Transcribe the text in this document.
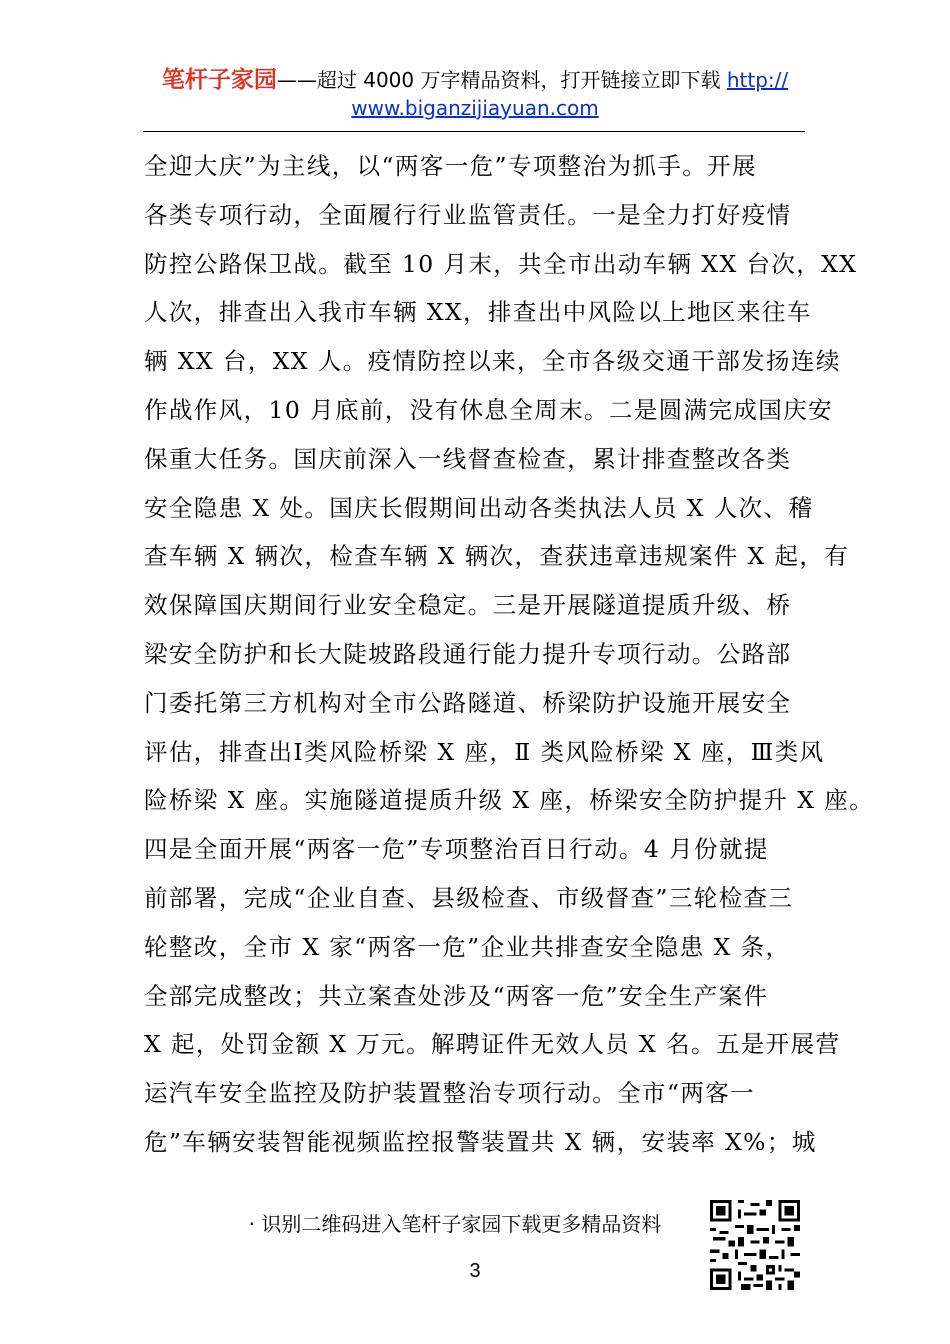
笔杆子家园——超过 4000 万字精品资料，打开链接立即下载 http://
www.biganzijiayuan.com
全迎大庆”为主线，以“两客一危”专项整治为抓手。开展
各类专项行动，全面履行行业监管责任。一是全力打好疫情
防控公路保卫战。截至 10 月末，共全市出动车辆 XX 台次，XX
人次，排查出入我市车辆 XX，排查出中风险以上地区来往车
辆 XX 台，XX 人。疫情防控以来，全市各级交通干部发扬连续
作战作风，10 月底前，没有休息全周末。二是圆满完成国庆安
保重大任务。国庆前深入一线督查检查，累计排查整改各类
安全隐患 X 处。国庆长假期间出动各类执法人员 X 人次、稽
查车辆 X 辆次，检查车辆 X 辆次，查获违章违规案件 X 起，有
效保障国庆期间行业安全稳定。三是开展隧道提质升级、桥
梁安全防护和长大陡坡路段通行能力提升专项行动。公路部
门委托第三方机构对全市公路隧道、桥梁防护设施开展安全
评估，排查出Ⅰ类风险桥梁 X 座，Ⅱ 类风险桥梁 X 座，Ⅲ类风
险桥梁 X 座。实施隧道提质升级 X 座，桥梁安全防护提升 X 座。
四是全面开展“两客一危”专项整治百日行动。4 月份就提
前部署，完成“企业自查、县级检查、市级督查”三轮检查三
轮整改，全市 X 家“两客一危”企业共排查安全隐患 X 条，
全部完成整改；共立案查处涉及“两客一危”安全生产案件
X 起，处罚金额 X 万元。解聘证件无效人员 X 名。五是开展营
运汽车安全监控及防护装置整治专项行动。全市“两客一
危”车辆安装智能视频监控报警装置共 X 辆，安装率 X%；城
· 识别二维码进入笔杆子家园下载更多精品资料
3
